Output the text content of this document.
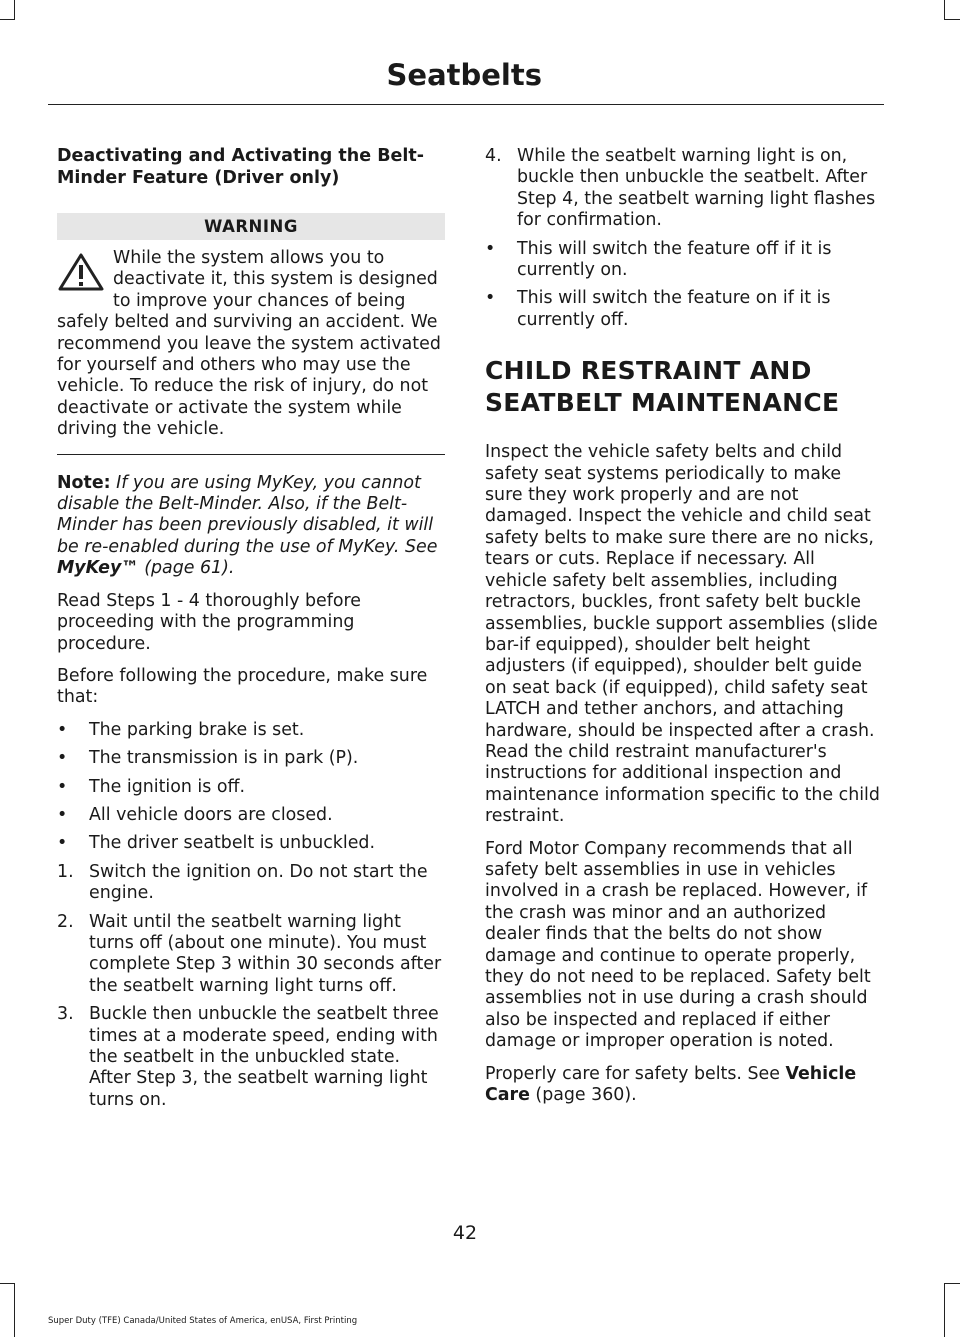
Seatbelts
Deactivating and Activating the Belt-Minder Feature (Driver only)
WARNING
While the system allows you to deactivate it, this system is designed to improve your chances of being safely belted and surviving an accident. We recommend you leave the system activated for yourself and others who may use the vehicle. To reduce the risk of injury, do not deactivate or activate the system while driving the vehicle.

Note: If you are using MyKey, you cannot disable the Belt-Minder. Also, if the Belt-Minder has been previously disabled, it will be re-enabled during the use of MyKey. See MyKey™ (page 61).

Read Steps 1 - 4 thoroughly before proceeding with the programming procedure.

Before following the procedure, make sure that:

• The parking brake is set.
• The transmission is in park (P).
• The ignition is off.
• All vehicle doors are closed.
• The driver seatbelt is unbuckled.
1. Switch the ignition on. Do not start the engine.
2. Wait until the seatbelt warning light turns off (about one minute). You must complete Step 3 within 30 seconds after the seatbelt warning light turns off.
3. Buckle then unbuckle the seatbelt three times at a moderate speed, ending with the seatbelt in the unbuckled state. After Step 3, the seatbelt warning light turns on.
4. While the seatbelt warning light is on, buckle then unbuckle the seatbelt. After Step 4, the seatbelt warning light flashes for confirmation.
• This will switch the feature off if it is currently on.
• This will switch the feature on if it is currently off.
CHILD RESTRAINT AND
SEATBELT MAINTENANCE

Inspect the vehicle safety belts and child safety seat systems periodically to make sure they work properly and are not damaged. Inspect the vehicle and child seat safety belts to make sure there are no nicks, tears or cuts. Replace if necessary. All vehicle safety belt assemblies, including retractors, buckles, front safety belt buckle assemblies, buckle support assemblies (slide bar-if equipped), shoulder belt height adjusters (if equipped), shoulder belt guide on seat back (if equipped), child safety seat LATCH and tether anchors, and attaching hardware, should be inspected after a crash. Read the child restraint manufacturer's instructions for additional inspection and maintenance information specific to the child restraint.

Ford Motor Company recommends that all safety belt assemblies in use in vehicles involved in a crash be replaced. However, if the crash was minor and an authorized dealer finds that the belts do not show damage and continue to operate properly, they do not need to be replaced. Safety belt assemblies not in use during a crash should also be inspected and replaced if either damage or improper operation is noted.

Properly care for safety belts. See Vehicle Care (page 360).

42
Super Duty (TFE) Canada/United States of America, enUSA, First Printing
